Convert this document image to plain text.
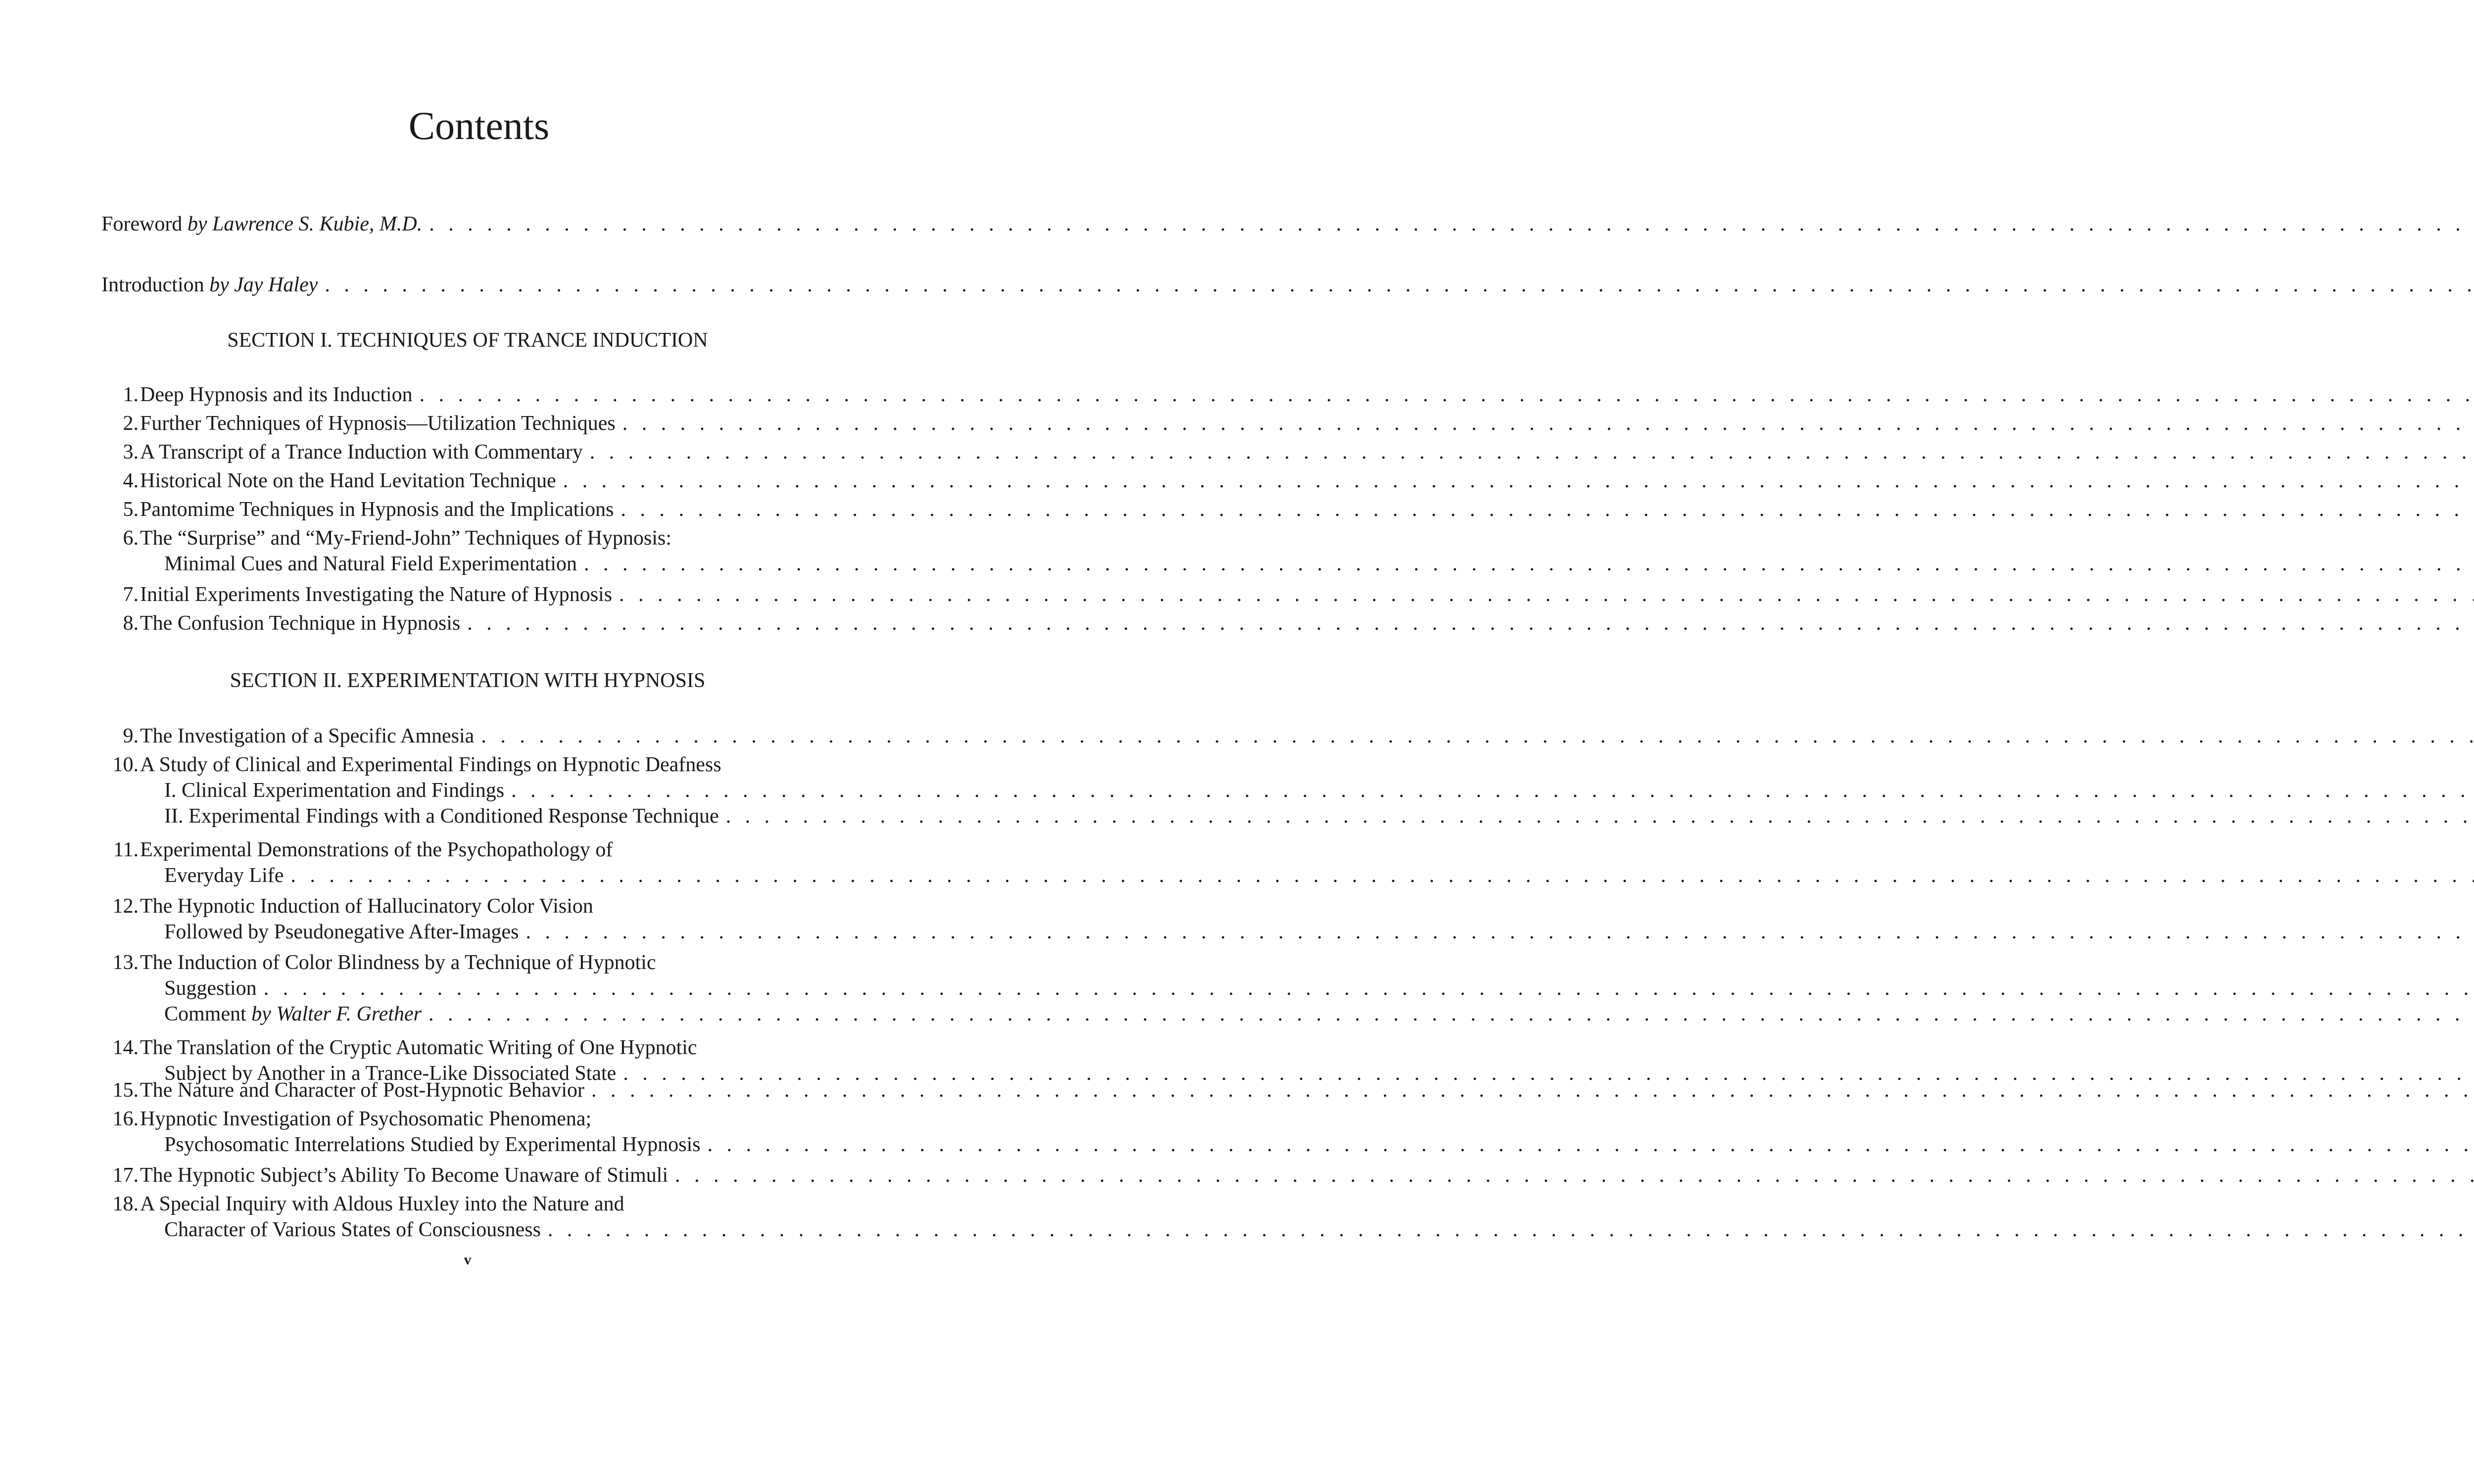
Contents
Foreword by Lawrence S. Kubie, M.D.
. . .
Introduction by Jay Haley
. . .
SECTION I. TECHNIQUES OF TRANCE INDUCTION
1. Deep Hypnosis and its Induction
. . .
2. Further Techniques of Hypnosis—Utilization Techniques
. . .
3. A Transcript of a Trance Induction with Commentary
. . .
4. Historical Note on the Hand Levitation Technique
. . .
5. Pantomime Techniques in Hypnosis and the Implications
. . .
6. The “Surprise” and “My-Friend-John” Techniques of Hypnosis:
Minimal Cues and Natural Field Experimentation
. . .
7. Initial Experiments Investigating the Nature of Hypnosis
. . .
8. The Confusion Technique in Hypnosis
. . .
SECTION II. EXPERIMENTATION WITH HYPNOSIS
9. The Investigation of a Specific Amnesia
. . .
10. A Study of Clinical and Experimental Findings on Hypnotic Deafness
I. Clinical Experimentation and Findings
. . .
II. Experimental Findings with a Conditioned Response Technique
. . .
11. Experimental Demonstrations of the Psychopathology of
Everyday Life
. . .
12. The Hypnotic Induction of Hallucinatory Color Vision
Followed by Pseudonegative After-Images
. . .
13. The Induction of Color Blindness by a Technique of Hypnotic
Suggestion
. . .
Comment by Walter F. Grether
. . .
14. The Translation of the Cryptic Automatic Writing of One Hypnotic
Subject by Another in a Trance-Like Dissociated State
. . .
15. The Nature and Character of Post-Hypnotic Behavior
. . .
16. Hypnotic Investigation of Psychosomatic Phenomena;
Psychosomatic Interrelations Studied by Experimental Hypnosis
. . .
17. The Hypnotic Subject’s Ability To Become Unaware of Stimuli
. . .
18. A Special Inquiry with Aldous Huxley into the Nature and
Character of Various States of Consciousness
. . .
v
